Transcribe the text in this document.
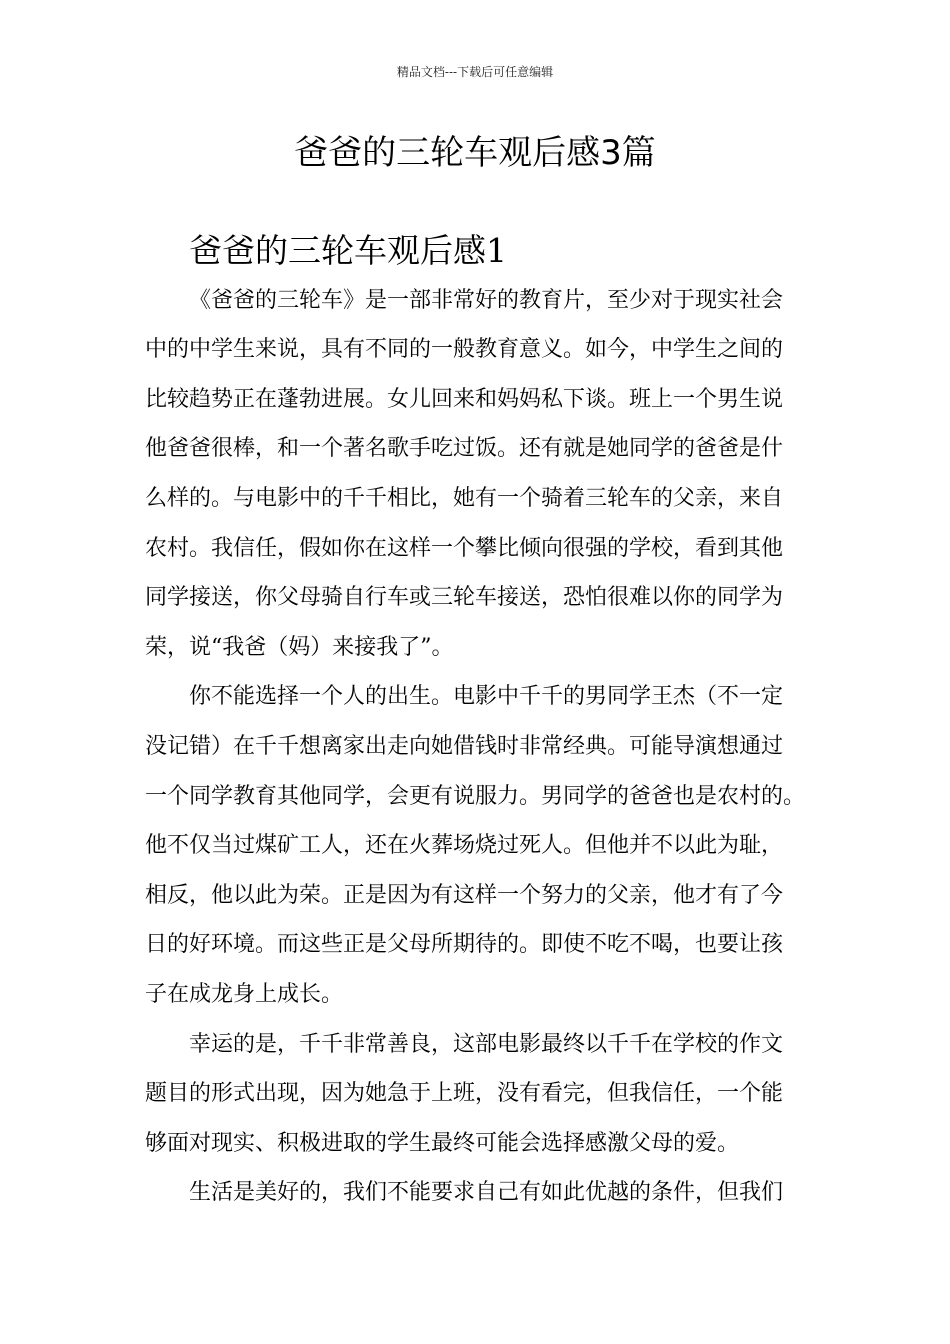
精品文档---下载后可任意编辑
爸爸的三轮车观后感3篇
爸爸的三轮车观后感1

《爸爸的三轮车》是一部非常好的教育片，至少对于现实社会
中的中学生来说，具有不同的一般教育意义。如今，中学生之间的
比较趋势正在蓬勃进展。女儿回来和妈妈私下谈。班上一个男生说
他爸爸很棒，和一个著名歌手吃过饭。还有就是她同学的爸爸是什
么样的。与电影中的千千相比，她有一个骑着三轮车的父亲，来自
农村。我信任，假如你在这样一个攀比倾向很强的学校，看到其他
同学接送，你父母骑自行车或三轮车接送，恐怕很难以你的同学为
荣，说“我爸（妈）来接我了”。

你不能选择一个人的出生。电影中千千的男同学王杰（不一定
没记错）在千千想离家出走向她借钱时非常经典。可能导演想通过
一个同学教育其他同学，会更有说服力。男同学的爸爸也是农村的。
他不仅当过煤矿工人，还在火葬场烧过死人。但他并不以此为耻，
相反，他以此为荣。正是因为有这样一个努力的父亲，他才有了今
日的好环境。而这些正是父母所期待的。即使不吃不喝，也要让孩
子在成龙身上成长。

幸运的是，千千非常善良，这部电影最终以千千在学校的作文
题目的形式出现，因为她急于上班，没有看完，但我信任，一个能
够面对现实、积极进取的学生最终可能会选择感激父母的爱。

生活是美好的，我们不能要求自己有如此优越的条件，但我们
